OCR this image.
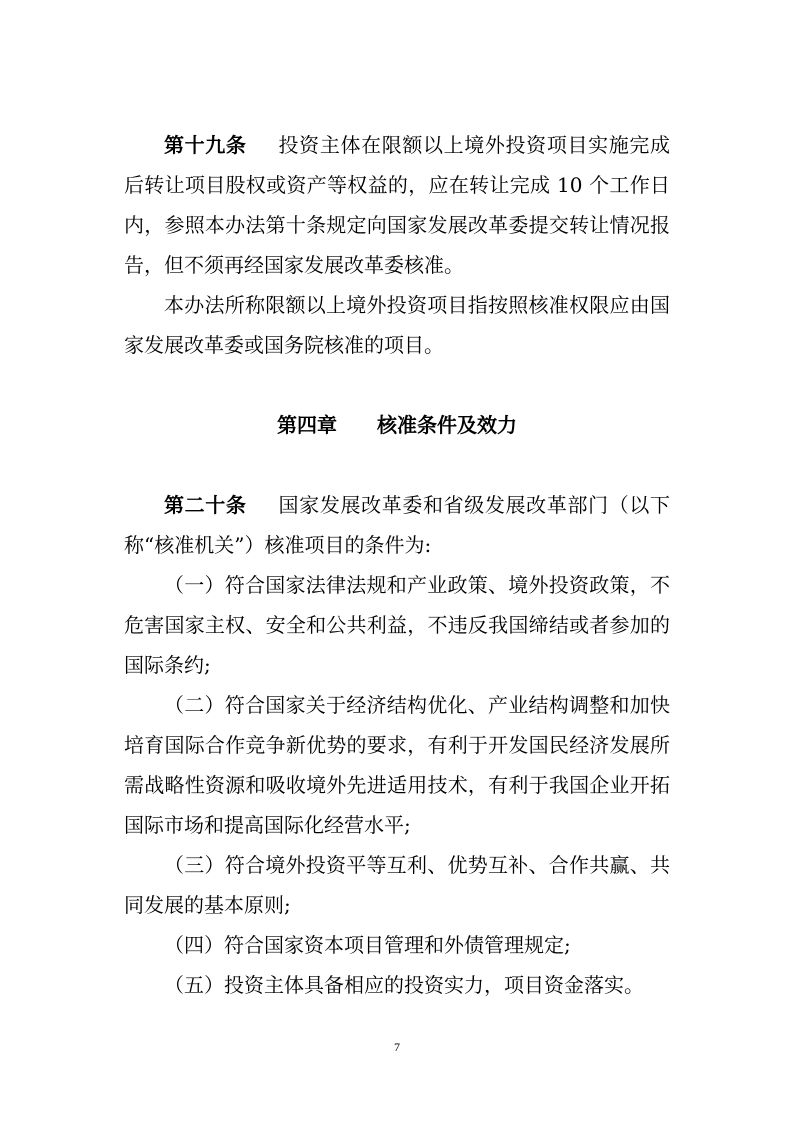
第十九条 投资主体在限额以上境外投资项目实施完成后转让项目股权或资产等权益的，应在转让完成 10 个工作日内，参照本办法第十条规定向国家发展改革委提交转让情况报告，但不须再经国家发展改革委核准。

本办法所称限额以上境外投资项目指按照核准权限应由国家发展改革委或国务院核准的项目。

第四章 核准条件及效力

第二十条 国家发展改革委和省级发展改革部门（以下称“核准机关”）核准项目的条件为:

（一）符合国家法律法规和产业政策、境外投资政策，不危害国家主权、安全和公共利益，不违反我国缔结或者参加的国际条约;

（二）符合国家关于经济结构优化、产业结构调整和加快培育国际合作竞争新优势的要求，有利于开发国民经济发展所需战略性资源和吸收境外先进适用技术，有利于我国企业开拓国际市场和提高国际化经营水平;

（三）符合境外投资平等互利、优势互补、合作共赢、共同发展的基本原则;

（四）符合国家资本项目管理和外债管理规定;

（五）投资主体具备相应的投资实力，项目资金落实。

7
